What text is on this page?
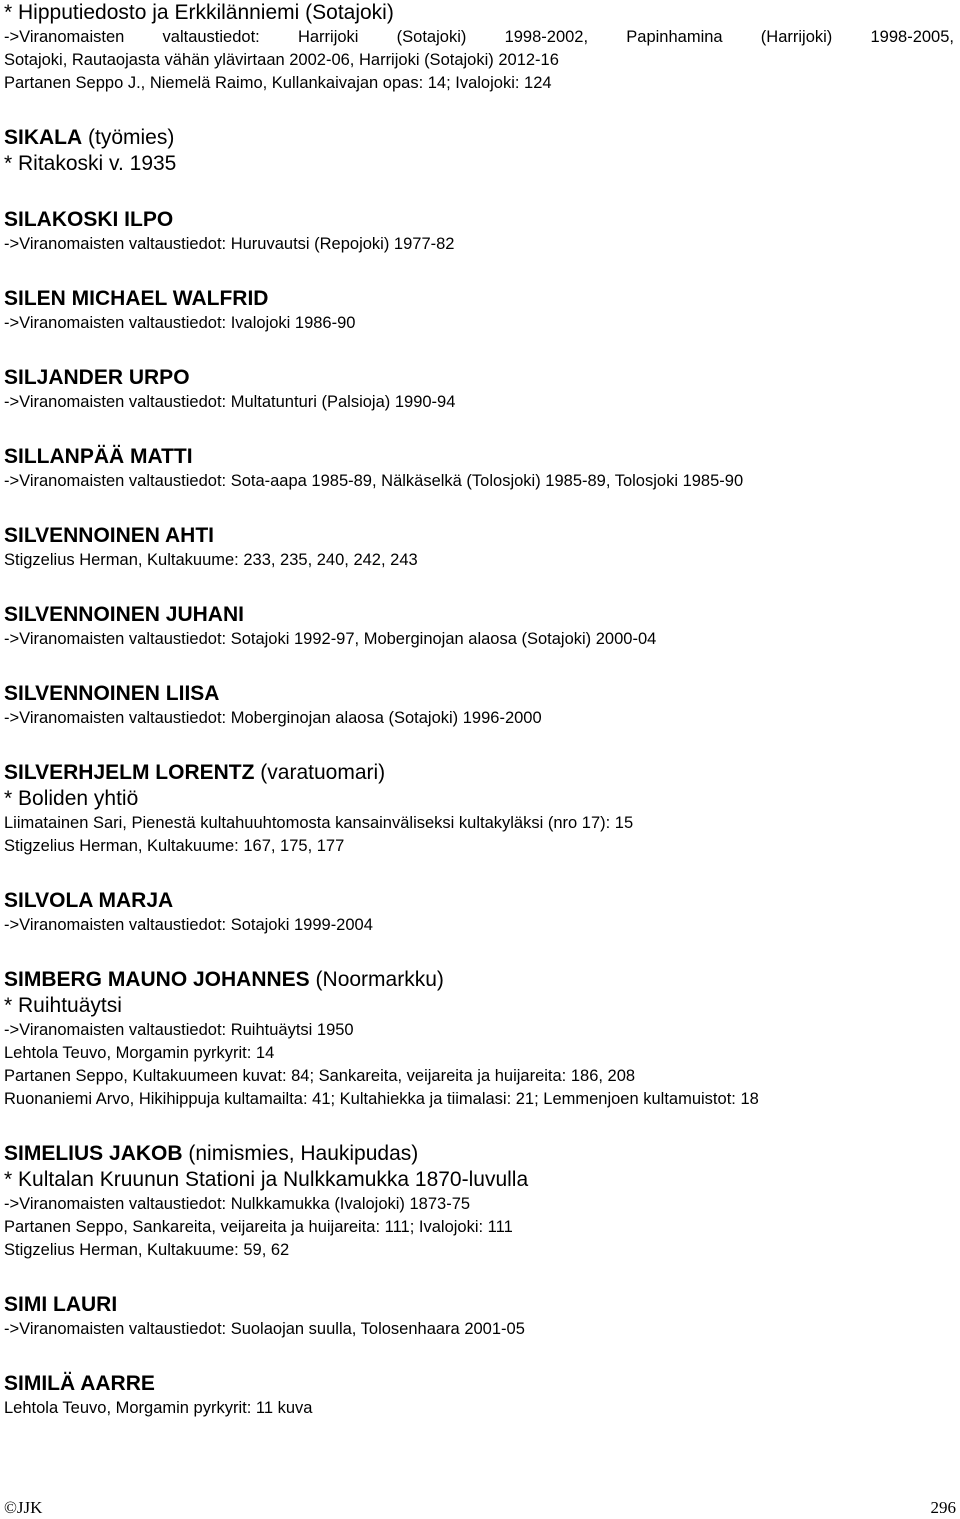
* Hipputiedosto ja Erkkilänniemi (Sotajoki)
->Viranomaisten valtaustiedot: Harrijoki (Sotajoki) 1998-2002, Papinhamina (Harrijoki) 1998-2005,
Sotajoki, Rautaojasta vähän ylävirtaan 2002-06, Harrijoki (Sotajoki) 2012-16
Partanen Seppo J., Niemelä Raimo, Kullankaivajan opas: 14; Ivalojoki: 124
SIKALA (työmies)
* Ritakoski v. 1935
SILAKOSKI ILPO
->Viranomaisten valtaustiedot: Huruvautsi (Repojoki) 1977-82
SILEN MICHAEL WALFRID
->Viranomaisten valtaustiedot: Ivalojoki 1986-90
SILJANDER URPO
->Viranomaisten valtaustiedot: Multatunturi (Palsioja) 1990-94
SILLANPÄÄ MATTI
->Viranomaisten valtaustiedot: Sota-aapa 1985-89, Nälkäselkä (Tolosjoki) 1985-89, Tolosjoki 1985-90
SILVENNOINEN AHTI
Stigzelius Herman, Kultakuume: 233, 235, 240, 242, 243
SILVENNOINEN JUHANI
->Viranomaisten valtaustiedot: Sotajoki 1992-97, Moberginojan alaosa (Sotajoki) 2000-04
SILVENNOINEN LIISA
->Viranomaisten valtaustiedot: Moberginojan alaosa (Sotajoki) 1996-2000
SILVERHJELM LORENTZ (varatuomari)
* Boliden yhtiö
Liimatainen Sari, Pienestä kultahuuhtomosta kansainväliseksi kultakyläksi (nro 17): 15
Stigzelius Herman, Kultakuume: 167, 175, 177
SILVOLA MARJA
->Viranomaisten valtaustiedot: Sotajoki 1999-2004
SIMBERG MAUNO JOHANNES (Noormarkku)
* Ruihtuäytsi
->Viranomaisten valtaustiedot: Ruihtuäytsi 1950
Lehtola Teuvo, Morgamin pyrkyrit: 14
Partanen Seppo, Kultakuumeen kuvat: 84; Sankareita, veijareita ja huijareita: 186, 208
Ruonaniemi Arvo, Hikihippuja kultamailta: 41; Kultahiekka ja tiimalasi: 21; Lemmenjoen kultamuistot: 18
SIMELIUS JAKOB (nimismies, Haukipudas)
* Kultalan Kruunun Stationi ja Nulkkamukka 1870-luvulla
->Viranomaisten valtaustiedot: Nulkkamukka (Ivalojoki) 1873-75
Partanen Seppo, Sankareita, veijareita ja huijareita: 111; Ivalojoki: 111
Stigzelius Herman, Kultakuume: 59, 62
SIMI LAURI
->Viranomaisten valtaustiedot: Suolaojan suulla, Tolosenhaara 2001-05
SIMILÄ AARRE
Lehtola Teuvo, Morgamin pyrkyrit: 11 kuva
©JJK	296
